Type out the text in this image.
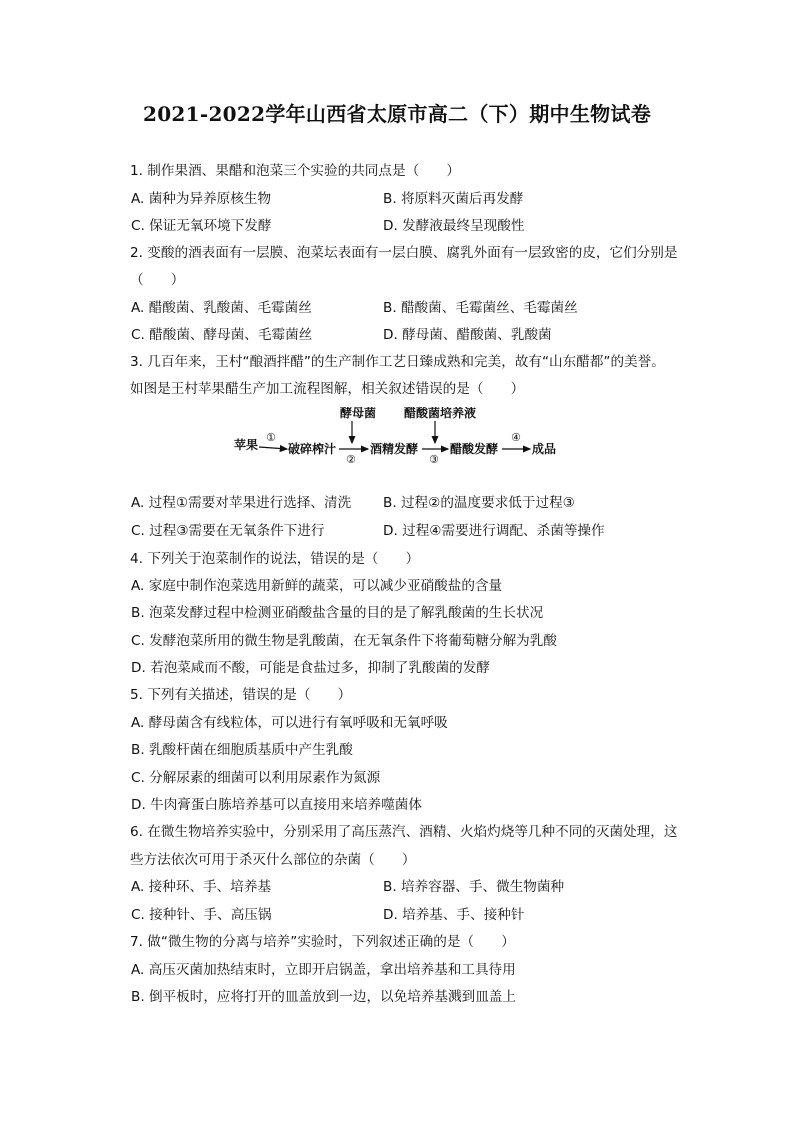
2021-2022学年山西省太原市高二（下）期中生物试卷
1. 制作果酒、果醋和泡菜三个实验的共同点是（　　）
A. 菌种为异养原核生物	B. 将原料灭菌后再发酵
C. 保证无氧环境下发酵	D. 发酵液最终呈现酸性
2. 变酸的酒表面有一层膜、泡菜坛表面有一层白膜、腐乳外面有一层致密的皮，它们分别是
（　　）
A. 醋酸菌、乳酸菌、毛霉菌丝	B. 醋酸菌、毛霉菌丝、毛霉菌丝
C. 醋酸菌、酵母菌、毛霉菌丝	D. 酵母菌、醋酸菌、乳酸菌
3. 几百年来，王村“酿酒拌醋”的生产制作工艺日臻成熟和完美，故有“山东醋都”的美誉。
如图是王村苹果醋生产加工流程图解，相关叙述错误的是（　　）
酵母菌 醋酸菌培养液
苹果 破碎榨汁	酒精发酵	醋酸发酵	成品
①
②	③
④
A. 过程①需要对苹果进行选择、清洗 B. 过程②的温度要求低于过程③
C. 过程③需要在无氧条件下进行	D. 过程④需要进行调配、杀菌等操作
4. 下列关于泡菜制作的说法，错误的是（　　）
A. 家庭中制作泡菜选用新鲜的蔬菜，可以减少亚硝酸盐的含量
B. 泡菜发酵过程中检测亚硝酸盐含量的目的是了解乳酸菌的生长状况
C. 发酵泡菜所用的微生物是乳酸菌，在无氧条件下将葡萄糖分解为乳酸
D. 若泡菜咸而不酸，可能是食盐过多，抑制了乳酸菌的发酵
5. 下列有关描述，错误的是（　　）
A. 酵母菌含有线粒体，可以进行有氧呼吸和无氧呼吸
B. 乳酸杆菌在细胞质基质中产生乳酸
C. 分解尿素的细菌可以利用尿素作为氮源
D. 牛肉膏蛋白胨培养基可以直接用来培养噬菌体
6. 在微生物培养实验中，分别采用了高压蒸汽、酒精、火焰灼烧等几种不同的灭菌处理，这
些方法依次可用于杀灭什么部位的杂菌（　　）
A. 接种环、手、培养基	B. 培养容器、手、微生物菌种
C. 接种针、手、高压锅	D. 培养基、手、接种针
7. 做“微生物的分离与培养”实验时，下列叙述正确的是（　　）
A. 高压灭菌加热结束时，立即开启锅盖，拿出培养基和工具待用
B. 倒平板时，应将打开的皿盖放到一边，以免培养基溅到皿盖上
